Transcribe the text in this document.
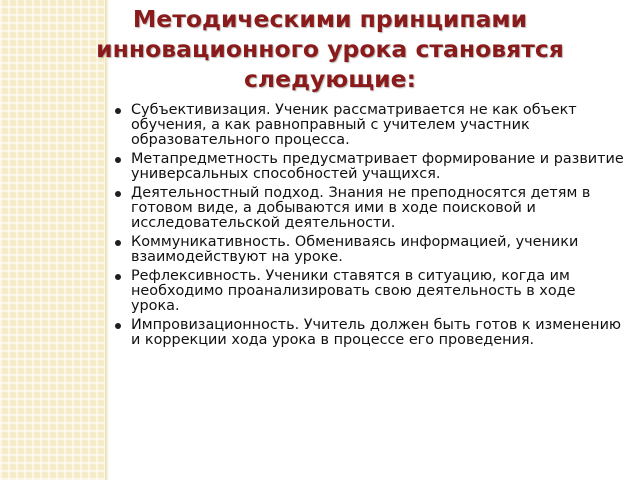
Методическими принципами инновационного урока становятся следующие:
Субъективизация. Ученик рассматривается не как объект обучения, а как равноправный с учителем участник образовательного процесса.
Метапредметность предусматривает формирование и развитие универсальных способностей учащихся.
Деятельностный подход. Знания не преподносятся детям в готовом виде, а добываются ими в ходе поисковой и исследовательской деятельности.
Коммуникативность. Обмениваясь информацией, ученики взаимодействуют на уроке.
Рефлексивность. Ученики ставятся в ситуацию, когда им необходимо проанализировать свою деятельность в ходе урока.
Импровизационность. Учитель должен быть готов к изменению и коррекции хода урока в процессе его проведения.
